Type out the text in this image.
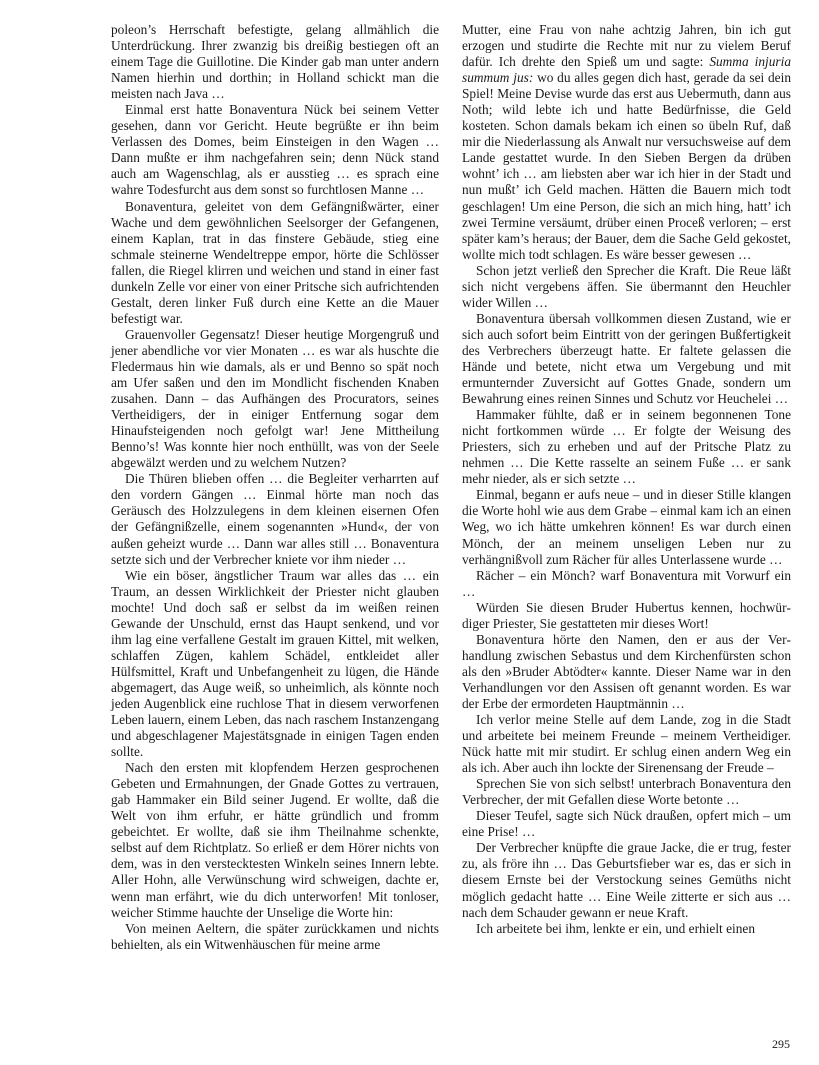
poleon’s Herrschaft befestigte, gelang allmählich die Unterdrückung. Ihrer zwanzig bis dreißig bestiegen oft an einem Tage die Guillotine. Die Kinder gab man unter andern Namen hierhin und dorthin; in Holland schickt man die meisten nach Java …

Einmal erst hatte Bonaventura Nück bei seinem Vetter gesehen, dann vor Gericht. Heute begrüßte er ihn beim Verlassen des Domes, beim Einsteigen in den Wagen … Dann mußte er ihm nachgefahren sein; denn Nück stand auch am Wagenschlag, als er ausstieg … es sprach eine wahre Todesfurcht aus dem sonst so furchtlosen Manne …

Bonaventura, geleitet von dem Gefängnißwärter, einer Wache und dem gewöhnlichen Seelsorger der Gefangenen, einem Kaplan, trat in das finstere Gebäude, stieg eine schmale steinerne Wendeltreppe empor, hörte die Schlösser fallen, die Riegel klirren und weichen und stand in einer fast dunkeln Zelle vor einer von einer Pritsche sich aufrichtenden Gestalt, deren linker Fuß durch eine Kette an die Mauer befestigt war.

Grauenvoller Gegensatz! Dieser heutige Morgengruß und jener abendliche vor vier Monaten … es war als huschte die Fledermaus hin wie damals, als er und Benno so spät noch am Ufer saßen und den im Mondlicht fischenden Knaben zusahen. Dann – das Aufhängen des Procurators, seines Vertheidigers, der in einiger Entfernung sogar dem Hinaufsteigenden noch gefolgt war! Jene Mittheilung Benno’s! Was konnte hier noch enthüllt, was von der Seele abgewälzt werden und zu welchem Nutzen?

Die Thüren blieben offen … die Begleiter verharrten auf den vordern Gängen … Einmal hörte man noch das Geräusch des Holzzulegens in dem kleinen eisernen Ofen der Gefängnißzelle, einem sogenannten »Hund«, der von außen geheizt wurde … Dann war alles still … Bonaventura setzte sich und der Verbrecher kniete vor ihm nieder …

Wie ein böser, ängstlicher Traum war alles das … ein Traum, an dessen Wirklichkeit der Priester nicht glauben mochte! Und doch saß er selbst da im weißen reinen Gewande der Unschuld, ernst das Haupt senkend, und vor ihm lag eine verfallene Gestalt im grauen Kittel, mit welken, schlaffen Zügen, kahlem Schädel, entkleidet aller Hülfsmittel, Kraft und Unbefangenheit zu lügen, die Hände abgemagert, das Auge weiß, so unheimlich, als könnte noch jeden Augenblick eine ruchlose That in diesem verworfenen Leben lauern, einem Leben, das nach raschem Instanzengang und abgeschlagener Majestätsgnade in einigen Tagen enden sollte.

Nach den ersten mit klopfendem Herzen gesprochenen Gebeten und Ermahnungen, der Gnade Gottes zu vertrauen, gab Hammaker ein Bild seiner Jugend. Er wollte, daß die Welt von ihm erfuhr, er hätte gründlich und fromm gebeichtet. Er wollte, daß sie ihm Theilnahme schenkte, selbst auf dem Richtplatz. So erließ er dem Hörer nichts von dem, was in den verstecktesten Winkeln seines Innern lebte. Aller Hohn, alle Verwünschung wird schweigen, dachte er, wenn man erfährt, wie du dich unterworfen! Mit tonloser, weicher Stimme hauchte der Unselige die Worte hin:

Von meinen Aeltern, die später zurückkamen und nichts behielten, als ein Witwenhäuschen für meine arme

Mutter, eine Frau von nahe achtzig Jahren, bin ich gut erzogen und studirte die Rechte mit nur zu vielem Beruf dafür. Ich drehte den Spieß um und sagte: Summa injuria summum jus: wo du alles gegen dich hast, gerade da sei dein Spiel! Meine Devise wurde das erst aus Uebermuth, dann aus Noth; wild lebte ich und hatte Bedürfnisse, die Geld kosteten. Schon damals bekam ich einen so übeln Ruf, daß mir die Niederlassung als Anwalt nur versuchsweise auf dem Lande gestattet wurde. In den Sieben Bergen da drüben wohnt’ ich … am liebsten aber war ich hier in der Stadt und nun mußt’ ich Geld machen. Hätten die Bauern mich todt geschlagen! Um eine Person, die sich an mich hing, hatt’ ich zwei Termine versäumt, drüber einen Proceß verloren; – erst später kam’s heraus; der Bauer, dem die Sache Geld gekostet, wollte mich todt schlagen. Es wäre besser gewesen …

Schon jetzt verließ den Sprecher die Kraft. Die Reue läßt sich nicht vergebens äffen. Sie übermannt den Heuchler wider Willen …

Bonaventura übersah vollkommen diesen Zustand, wie er sich auch sofort beim Eintritt von der geringen Bußfertigkeit des Verbrechers überzeugt hatte. Er faltete gelassen die Hände und betete, nicht etwa um Vergebung und mit ermunternder Zuversicht auf Gottes Gnade, sondern um Bewahrung eines reinen Sinnes und Schutz vor Heuchelei …

Hammaker fühlte, daß er in seinem begonnenen Tone nicht fortkommen würde … Er folgte der Weisung des Priesters, sich zu erheben und auf der Pritsche Platz zu nehmen … Die Kette rasselte an seinem Fuße … er sank mehr nieder, als er sich setzte …

Einmal, begann er aufs neue – und in dieser Stille klangen die Worte hohl wie aus dem Grabe – einmal kam ich an einen Weg, wo ich hätte umkehren können! Es war durch einen Mönch, der an meinem unseligen Leben nur zu verhängnißvoll zum Rächer für alles Unterlassene wurde …

Rächer – ein Mönch? warf Bonaventura mit Vorwurf ein …

Würden Sie diesen Bruder Hubertus kennen, hochwürdiger Priester, Sie gestatteten mir dieses Wort!

Bonaventura hörte den Namen, den er aus der Verhandlung zwischen Sebastus und dem Kirchenfürsten schon als den »Bruder Abtödter« kannte. Dieser Name war in den Verhandlungen vor den Assisen oft genannt worden. Es war der Erbe der ermordeten Hauptmännin …

Ich verlor meine Stelle auf dem Lande, zog in die Stadt und arbeitete bei meinem Freunde – meinem Vertheidiger. Nück hatte mit mir studirt. Er schlug einen andern Weg ein als ich. Aber auch ihn lockte der Sirenensang der Freude –

Sprechen Sie von sich selbst! unterbrach Bonaventura den Verbrecher, der mit Gefallen diese Worte betonte …

Dieser Teufel, sagte sich Nück draußen, opfert mich – um eine Prise! …

Der Verbrecher knüpfte die graue Jacke, die er trug, fester zu, als fröre ihn … Das Geburtsfieber war es, das er sich in diesem Ernste bei der Verstockung seines Gemüths nicht möglich gedacht hatte … Eine Weile zitterte er sich aus … nach dem Schauder gewann er neue Kraft.

Ich arbeitete bei ihm, lenkte er ein, und erhielt einen

295
